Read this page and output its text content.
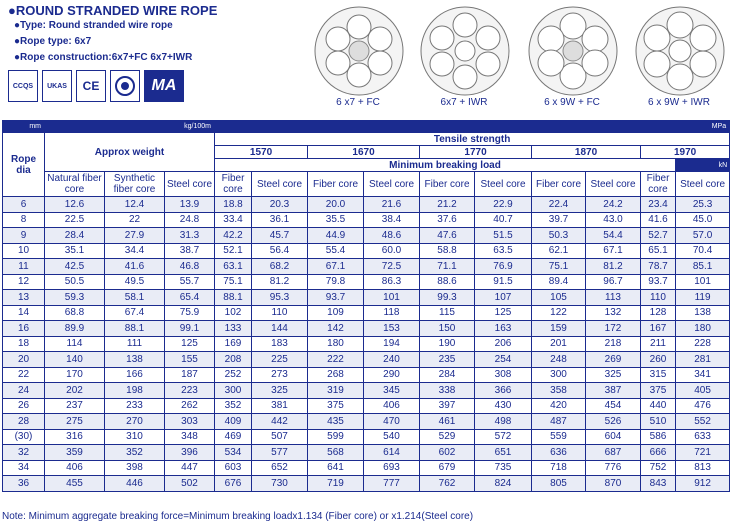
●ROUND STRANDED WIRE ROPE
●Type: Round stranded wire rope
●Rope type: 6x7
●Rope construction:6x7+FC 6x7+IWR
CCQS	UKAS	CE	MA
6 x7 + FC	6x7 + IWR	6 x 9W + FC	6 x 9W + IWR
mm	kg/100m			MPa									
Rope dia	Approx weight			Tensile strength									
				1570		1670		1770		1870		1970	
				Minimum breaking load									kN
	Natural fiber core	Synthetic fiber core	Steel core	Fiber core	Steel core	Fiber core	Steel core	Fiber core	Steel core	Fiber core	Steel core	Fiber core	Steel core
6	12.6	12.4	13.9	18.8	20.3	20.0	21.6	21.2	22.9	22.4	24.2	23.4	25.3
8	22.5	22	24.8	33.4	36.1	35.5	38.4	37.6	40.7	39.7	43.0	41.6	45.0
9	28.4	27.9	31.3	42.2	45.7	44.9	48.6	47.6	51.5	50.3	54.4	52.7	57.0
10	35.1	34.4	38.7	52.1	56.4	55.4	60.0	58.8	63.5	62.1	67.1	65.1	70.4
11	42.5	41.6	46.8	63.1	68.2	67.1	72.5	71.1	76.9	75.1	81.2	78.7	85.1
12	50.5	49.5	55.7	75.1	81.2	79.8	86.3	88.6	91.5	89.4	96.7	93.7	101
13	59.3	58.1	65.4	88.1	95.3	93.7	101	99.3	107	105	113	110	119
14	68.8	67.4	75.9	102	110	109	118	115	125	122	132	128	138
16	89.9	88.1	99.1	133	144	142	153	150	163	159	172	167	180
18	114	111	125	169	183	180	194	190	206	201	218	211	228
20	140	138	155	208	225	222	240	235	254	248	269	260	281
22	170	166	187	252	273	268	290	284	308	300	325	315	341
24	202	198	223	300	325	319	345	338	366	358	387	375	405
26	237	233	262	352	381	375	406	397	430	420	454	440	476
28	275	270	303	409	442	435	470	461	498	487	526	510	552
(30)	316	310	348	469	507	599	540	529	572	559	604	586	633
32	359	352	396	534	577	568	614	602	651	636	687	666	721
34	406	398	447	603	652	641	693	679	735	718	776	752	813
36	455	446	502	676	730	719	777	762	824	805	870	843	912
Note: Minimum aggregate breaking force=Minimum breaking loadx1.134 (Fiber core) or x1.214(Steel core)
